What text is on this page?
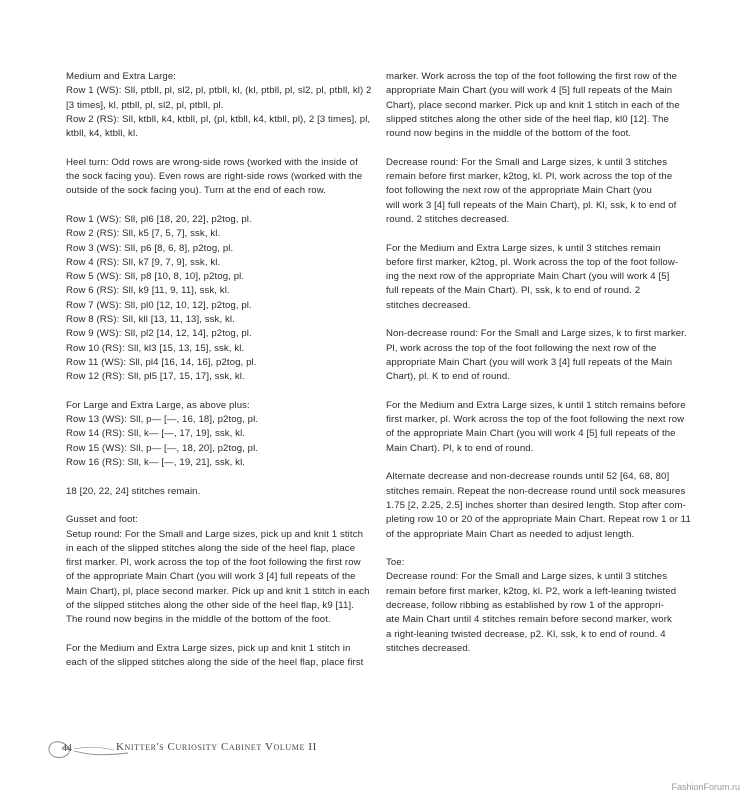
Medium and Extra Large:
Row 1 (WS): Sll, ptbll, pl, sl2, pl, ptbll, kl, (kl, ptbll, pl, sl2, pl, ptbll, kl) 2
[3 times], kl, ptbll, pl, sl2, pl, ptbll, pl.
Row 2 (RS): Sll, ktbll, k4, ktbll, pl, (pl, ktbll, k4, ktbll, pl), 2 [3 times], pl,
ktbll, k4, ktbll, kl.
Heel turn: Odd rows are wrong-side rows (worked with the inside of
the sock facing you). Even rows are right-side rows (worked with the
outside of the sock facing you). Turn at the end of each row.
Row 1 (WS): Sll, pl6 [18, 20, 22], p2tog, pl.
Row 2 (RS): Sll, k5 [7, 5, 7], ssk, kl.
Row 3 (WS): Sll, p6 [8, 6, 8], p2tog, pl.
Row 4 (RS): Sll, k7 [9, 7, 9], ssk, kl.
Row 5 (WS): Sll, p8 [10, 8, 10], p2tog, pl.
Row 6 (RS): Sll, k9 [11, 9, 11], ssk, kl.
Row 7 (WS): Sll, pl0 [12, 10, 12], p2tog, pl.
Row 8 (RS): Sll, kll [13, 11, 13], ssk, kl.
Row 9 (WS): Sll, pl2 [14, 12, 14], p2tog, pl.
Row 10 (RS): Sll, kl3 [15, 13, 15], ssk, kl.
Row 11 (WS): Sll, pl4 [16, 14, 16], p2tog, pl.
Row 12 (RS): Sll, pl5 [17, 15, 17], ssk, kl.
For Large and Extra Large, as above plus:
Row 13 (WS): Sll, p— [—, 16, 18], p2tog, pl.
Row 14 (RS): Sll, k— [—, 17, 19], ssk, kl.
Row 15 (WS): Sll, p— [—, 18, 20], p2tog, pl.
Row 16 (RS): Sll, k— [—, 19, 21], ssk, kl.
18 [20, 22, 24] stitches remain.
Gusset and foot:
Setup round: For the Small and Large sizes, pick up and knit 1 stitch
in each of the slipped stitches along the side of the heel flap, place
first marker. Pl, work across the top of the foot following the first row
of the appropriate Main Chart (you will work 3 [4] full repeats of the
Main Chart), pl, place second marker. Pick up and knit 1 stitch in each
of the slipped stitches along the other side of the heel flap, k9 [11].
The round now begins in the middle of the bottom of the foot.
For the Medium and Extra Large sizes, pick up and knit 1 stitch in
each of the slipped stitches along the side of the heel flap, place first
marker. Work across the top of the foot following the first row of the
appropriate Main Chart (you will work 4 [5] full repeats of the Main
Chart), place second marker. Pick up and knit 1 stitch in each of the
slipped stitches along the other side of the heel flap, kl0 [12]. The
round now begins in the middle of the bottom of the foot.
Decrease round: For the Small and Large sizes, k until 3 stitches
remain before first marker, k2tog, kl. Pl, work across the top of the
foot following the next row of the appropriate Main Chart (you
will work 3 [4] full repeats of the Main Chart), pl. Kl, ssk, k to end of
round. 2 stitches decreased.
For the Medium and Extra Large sizes, k until 3 stitches remain
before first marker, k2tog, pl. Work across the top of the foot follow-
ing the next row of the appropriate Main Chart (you will work 4 [5]
full repeats of the Main Chart). Pl, ssk, k to end of round. 2
stitches decreased.
Non-decrease round: For the Small and Large sizes, k to first marker.
Pl, work across the top of the foot following the next row of the
appropriate Main Chart (you will work 3 [4] full repeats of the Main
Chart), pl. K to end of round.
For the Medium and Extra Large sizes, k until 1 stitch remains before
first marker, pl. Work across the top of the foot following the next row
of the appropriate Main Chart (you will work 4 [5] full repeats of the
Main Chart). Pl, k to end of round.
Alternate decrease and non-decrease rounds until 52 [64, 68, 80]
stitches remain. Repeat the non-decrease round until sock measures
1.75 [2, 2.25, 2.5] inches shorter than desired length. Stop after com-
pleting row 10 or 20 of the appropriate Main Chart. Repeat row 1 or 11
of the appropriate Main Chart as needed to adjust length.
Toe:
Decrease round: For the Small and Large sizes, k until 3 stitches
remain before first marker, k2tog, kl. P2, work a left-leaning twisted
decrease, follow ribbing as established by row 1 of the appropri-
ate Main Chart until 4 stitches remain before second marker, work
a right-leaning twisted decrease, p2. Kl, ssk, k to end of round. 4
stitches decreased.
44	Knitter's Curiosity Cabinet Volume II
FashionForum.ru
